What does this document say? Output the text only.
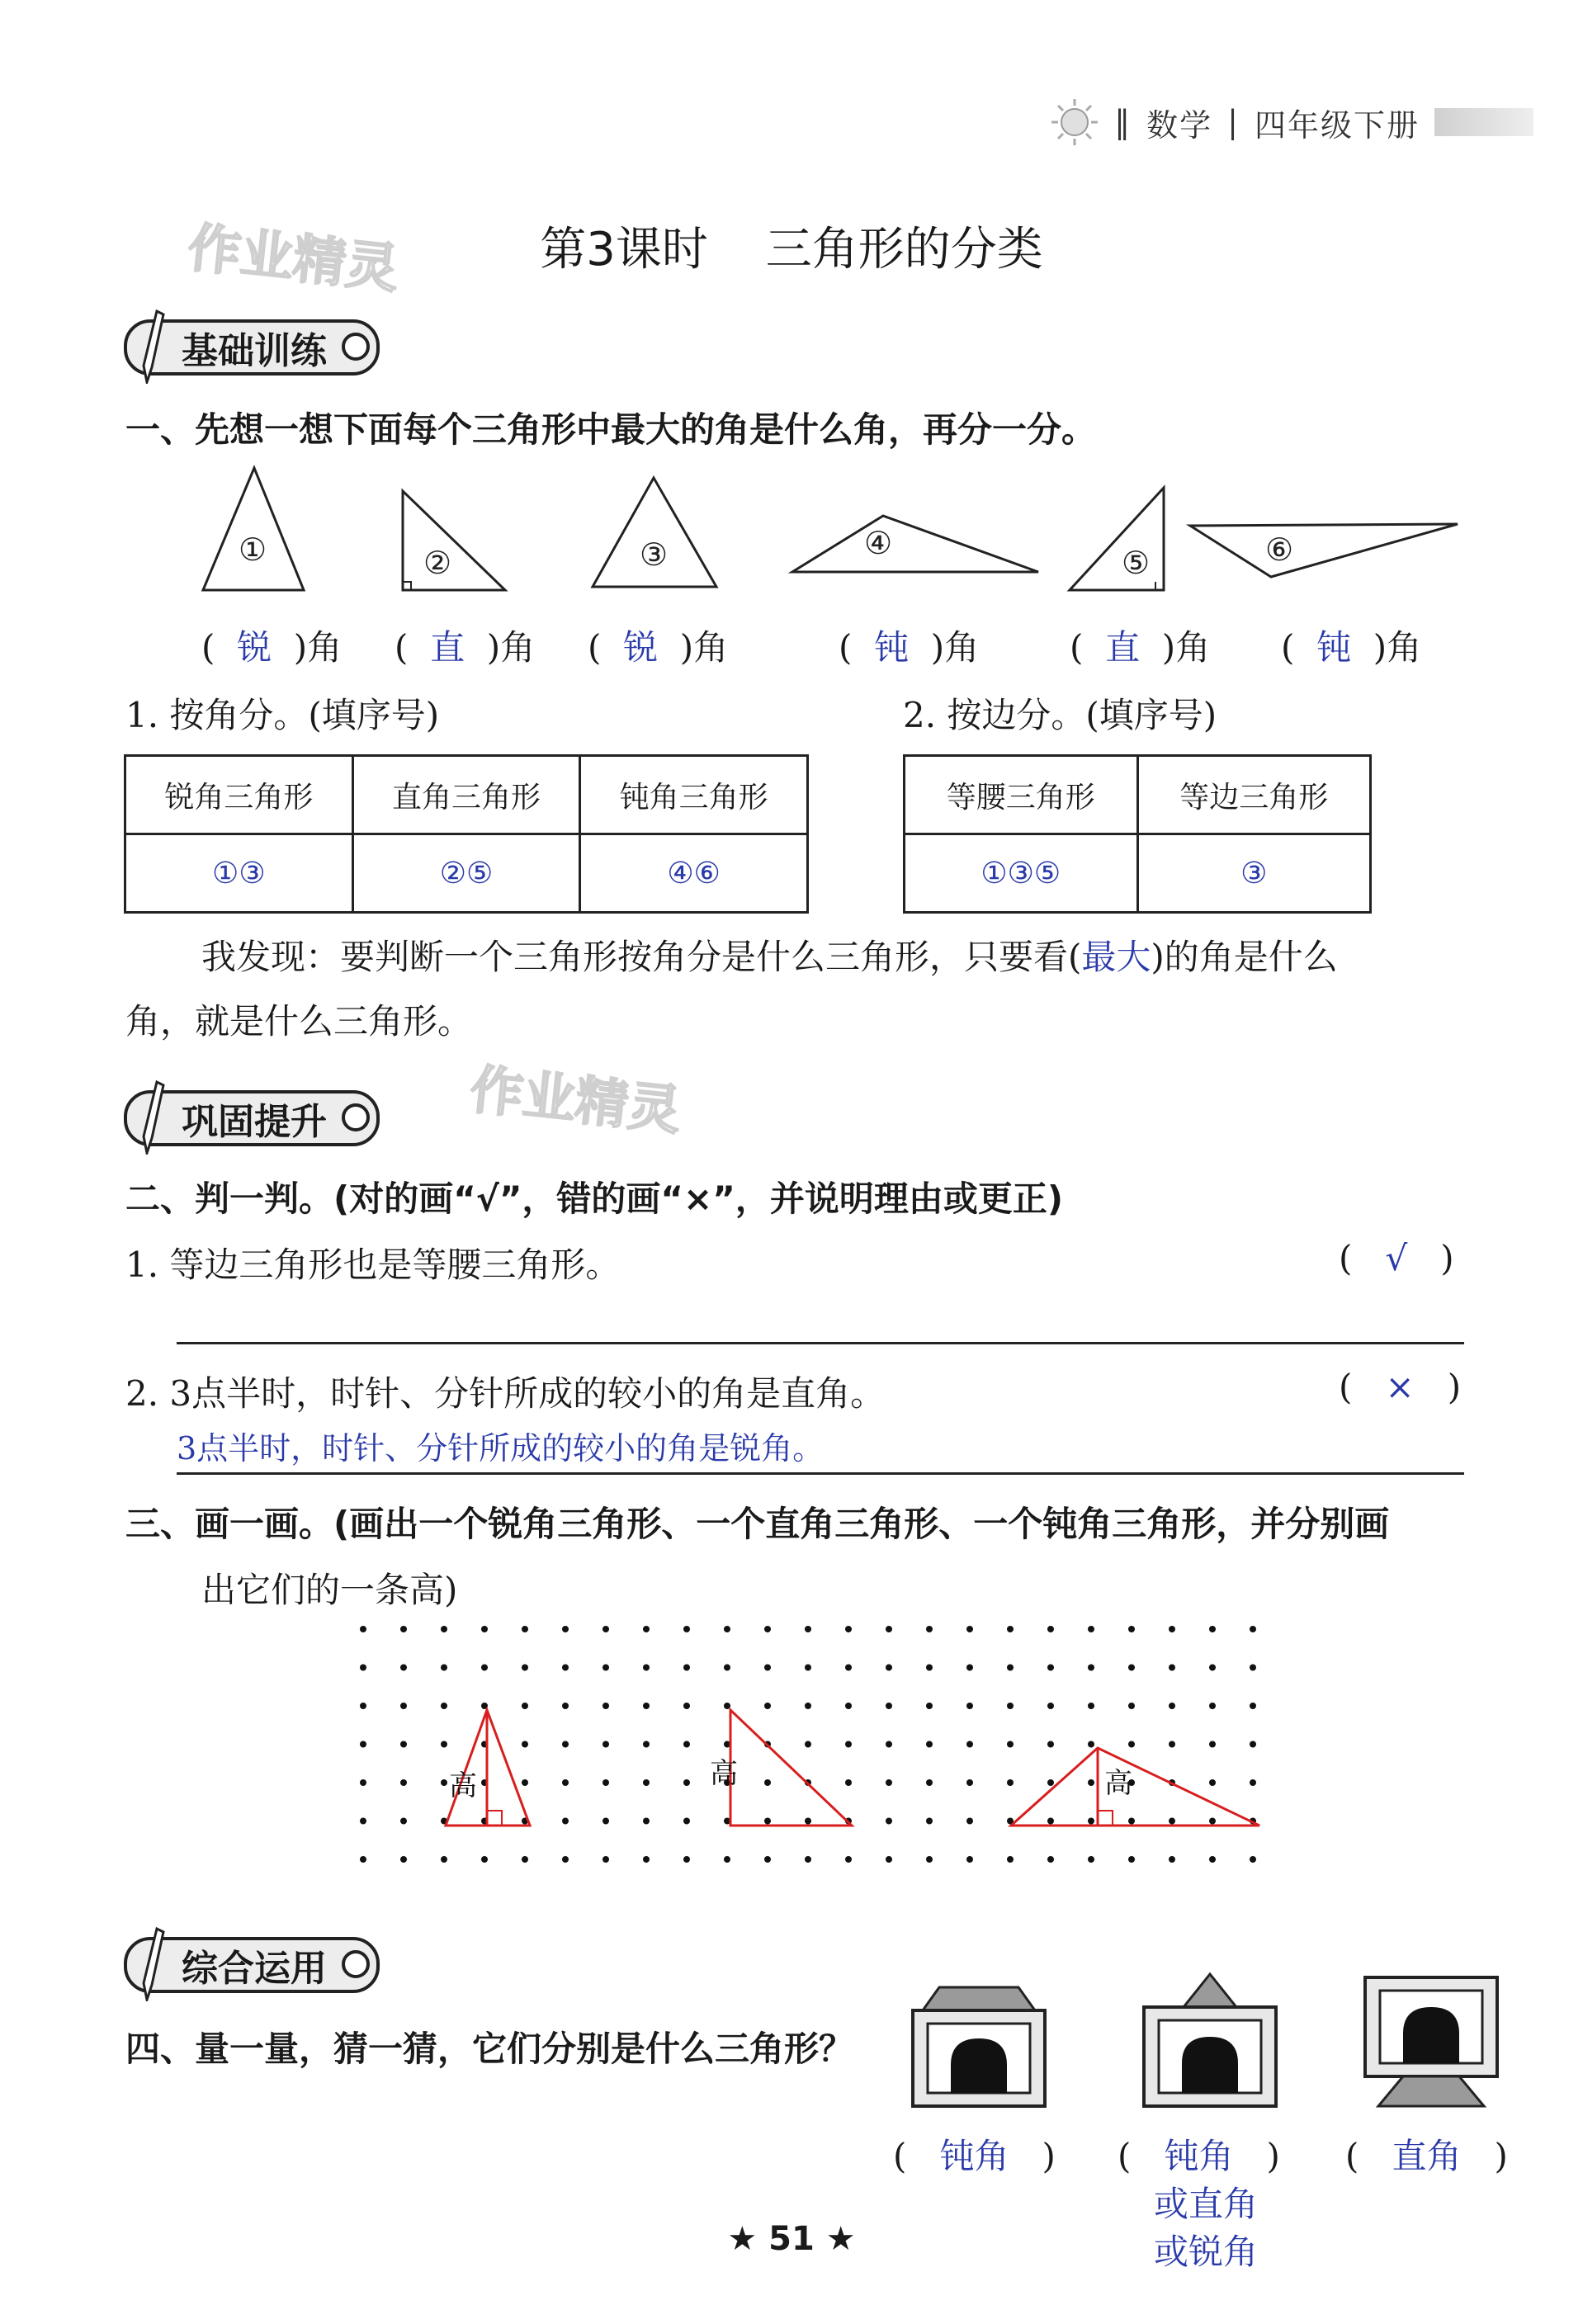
‖ 数学 | 四年级下册
作业精灵
作业精灵
第3课时 三角形的分类
基础训练
一、先想一想下面每个三角形中最大的角是什么角，再分一分。
①	②	③	④
⑤	⑥
(  锐  )角 (  直  )角 (  锐  )角	(  钝  )角	(  直  )角 (  钝  )角
1. 按角分。(填序号)	2. 按边分。(填序号)
锐角三角形	直角三角形	钝角三角形
①③	②⑤	④⑥
等腰三角形	等边三角形
①③⑤	③
我发现：要判断一个三角形按角分是什么三角形，只要看(最大)的角是什么
角，就是什么三角形。
巩固提升
二、判一判。(对的画“√”，错的画“×”，并说明理由或更正)
1. 等边三角形也是等腰三角形。	(   √   )
2. 3点半时，时针、分针所成的较小的角是直角。	(   ×   )
3点半时，时针、分针所成的较小的角是锐角。
三、画一画。(画出一个锐角三角形、一个直角三角形、一个钝角三角形，并分别画
出它们的一条高)
高	高	高
综合运用
四、量一量，猜一猜，它们分别是什么三角形？
(   钝角   ) (   钝角   )
或直角
或锐角
(   直角   )
★ 51 ★
